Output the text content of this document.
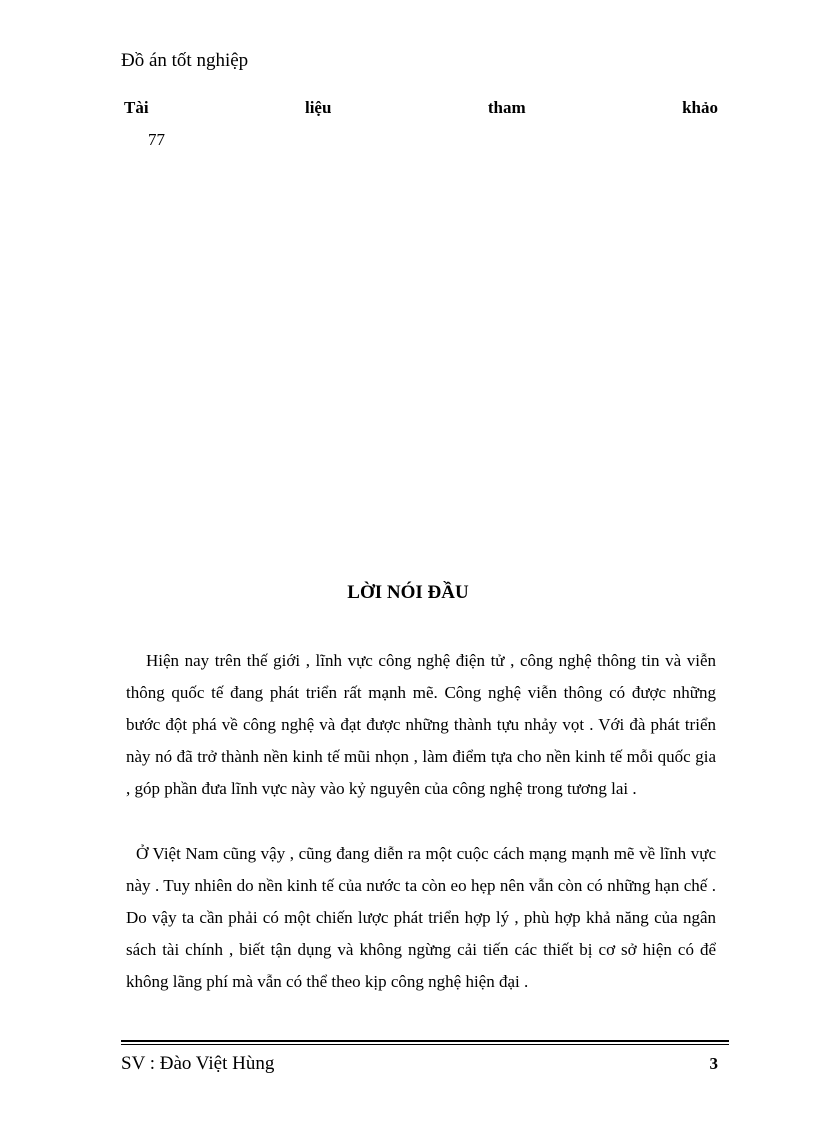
Đồ án tốt nghiệp
Tài	liệu	tham	khảo
77
LỜI NÓI ĐẦU

Hiện nay trên thế giới , lĩnh vực công nghệ điện tử , công nghệ thông tin và viễn thông quốc tế đang phát triển rất mạnh mẽ. Công nghệ viễn thông có được những bước đột phá về công nghệ và đạt được những thành tựu nhảy vọt . Với đà phát triển này nó đã trở thành nền kinh tế mũi nhọn , làm điểm tựa cho nền kinh tế mỗi quốc gia , góp phần đưa lĩnh vực này vào kỷ nguyên của công nghệ trong tương lai .

Ở Việt Nam cũng vậy , cũng đang diễn ra một cuộc cách mạng mạnh mẽ về lĩnh vực này . Tuy nhiên do nền kinh tế của nước ta còn eo hẹp nên vẫn còn có những hạn chế . Do vậy ta cần phải có một chiến lược phát triển hợp lý , phù hợp khả năng của ngân sách tài chính , biết tận dụng và không ngừng cải tiến các thiết bị cơ sở hiện có để không lãng phí mà vẫn có thể theo kịp công nghệ hiện đại .

SV : Đào Việt Hùng	3
